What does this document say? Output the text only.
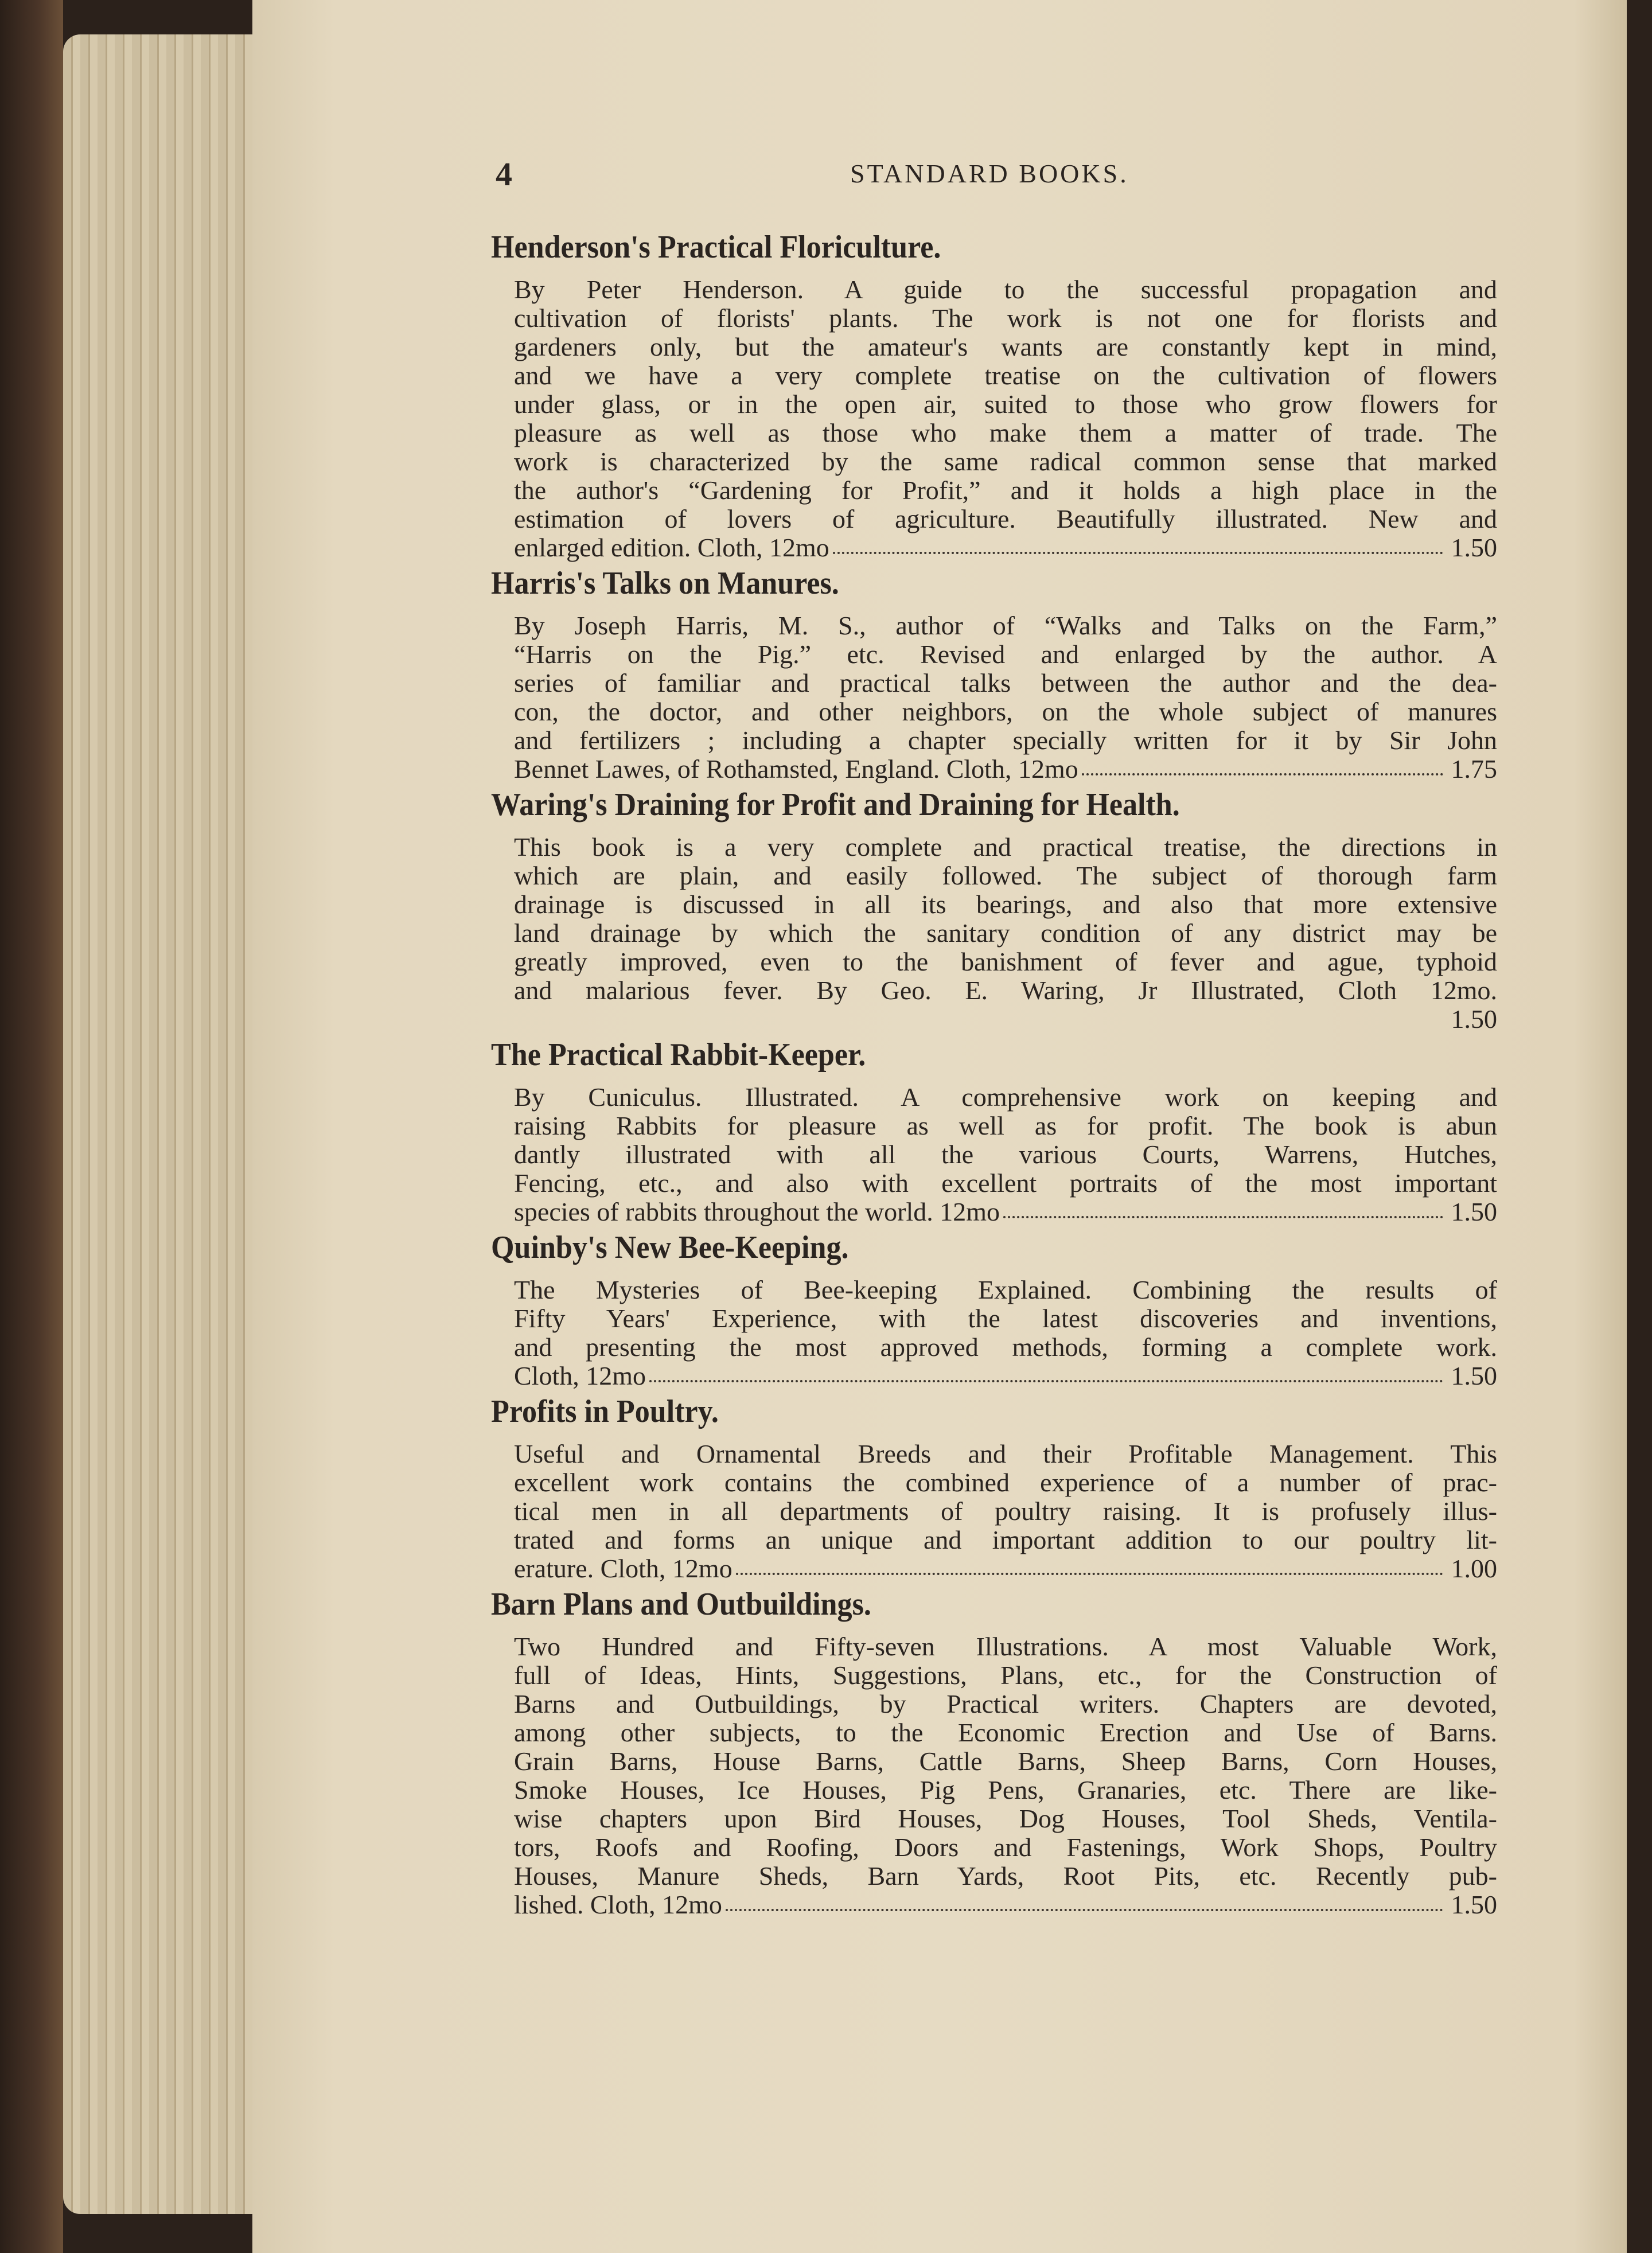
4	STANDARD BOOKS.
Henderson's Practical Floriculture.
By Peter Henderson. A guide to the successful propagation and
cultivation of florists' plants. The work is not one for florists and
gardeners only, but the amateur's wants are constantly kept in mind,
and we have a very complete treatise on the cultivation of flowers
under glass, or in the open air, suited to those who grow flowers for
pleasure as well as those who make them a matter of trade. The
work is characterized by the same radical common sense that marked
the author's “Gardening for Profit,” and it holds a high place in the
estimation of lovers of agriculture. Beautifully illustrated. New and
enlarged edition. Cloth, 12mo	1.50
Harris's Talks on Manures.
By Joseph Harris, M. S., author of “Walks and Talks on the Farm,”
“Harris on the Pig.” etc. Revised and enlarged by the author. A
series of familiar and practical talks between the author and the dea-
con, the doctor, and other neighbors, on the whole subject of manures
and fertilizers ; including a chapter specially written for it by Sir John
Bennet Lawes, of Rothamsted, England. Cloth, 12mo	1.75
Waring's Draining for Profit and Draining for Health.
This book is a very complete and practical treatise, the directions in
which are plain, and easily followed. The subject of thorough farm
drainage is discussed in all its bearings, and also that more extensive
land drainage by which the sanitary condition of any district may be
greatly improved, even to the banishment of fever and ague, typhoid
and malarious fever. By Geo. E. Waring, Jr Illustrated, Cloth 12mo.
1.50
The Practical Rabbit-Keeper.
By Cuniculus. Illustrated. A comprehensive work on keeping and
raising Rabbits for pleasure as well as for profit. The book is abun
dantly illustrated with all the various Courts, Warrens, Hutches,
Fencing, etc., and also with excellent portraits of the most important
species of rabbits throughout the world. 12mo	1.50
Quinby's New Bee-Keeping.
The Mysteries of Bee-keeping Explained. Combining the results of
Fifty Years' Experience, with the latest discoveries and inventions,
and presenting the most approved methods, forming a complete work.
Cloth, 12mo	1.50
Profits in Poultry.
Useful and Ornamental Breeds and their Profitable Management. This
excellent work contains the combined experience of a number of prac-
tical men in all departments of poultry raising. It is profusely illus-
trated and forms an unique and important addition to our poultry lit-
erature. Cloth, 12mo	1.00
Barn Plans and Outbuildings.
Two Hundred and Fifty-seven Illustrations. A most Valuable Work,
full of Ideas, Hints, Suggestions, Plans, etc., for the Construction of
Barns and Outbuildings, by Practical writers. Chapters are devoted,
among other subjects, to the Economic Erection and Use of Barns.
Grain Barns, House Barns, Cattle Barns, Sheep Barns, Corn Houses,
Smoke Houses, Ice Houses, Pig Pens, Granaries, etc. There are like-
wise chapters upon Bird Houses, Dog Houses, Tool Sheds, Ventila-
tors, Roofs and Roofing, Doors and Fastenings, Work Shops, Poultry
Houses, Manure Sheds, Barn Yards, Root Pits, etc. Recently pub-
lished. Cloth, 12mo	1.50
